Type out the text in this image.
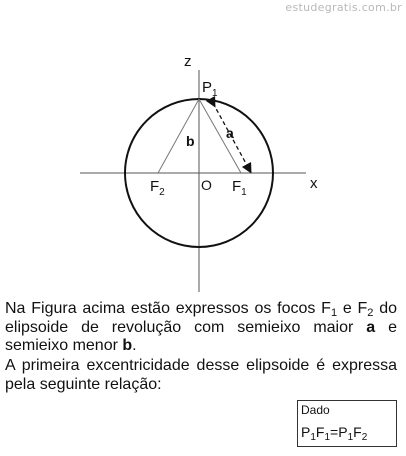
estudegratis.com.br
z
x
O
$P_1$
$F_2$	$F_1$
a
b
Na Figura acima estão expressos os focos $F_1$ e $F_2$ do elipsoide de revolução com semieixo maior a e semieixo menor b.
A primeira excentricidade desse elipsoide é expressa pela seguinte relação:
Dado
$P_1F_1=P_1F_2$
